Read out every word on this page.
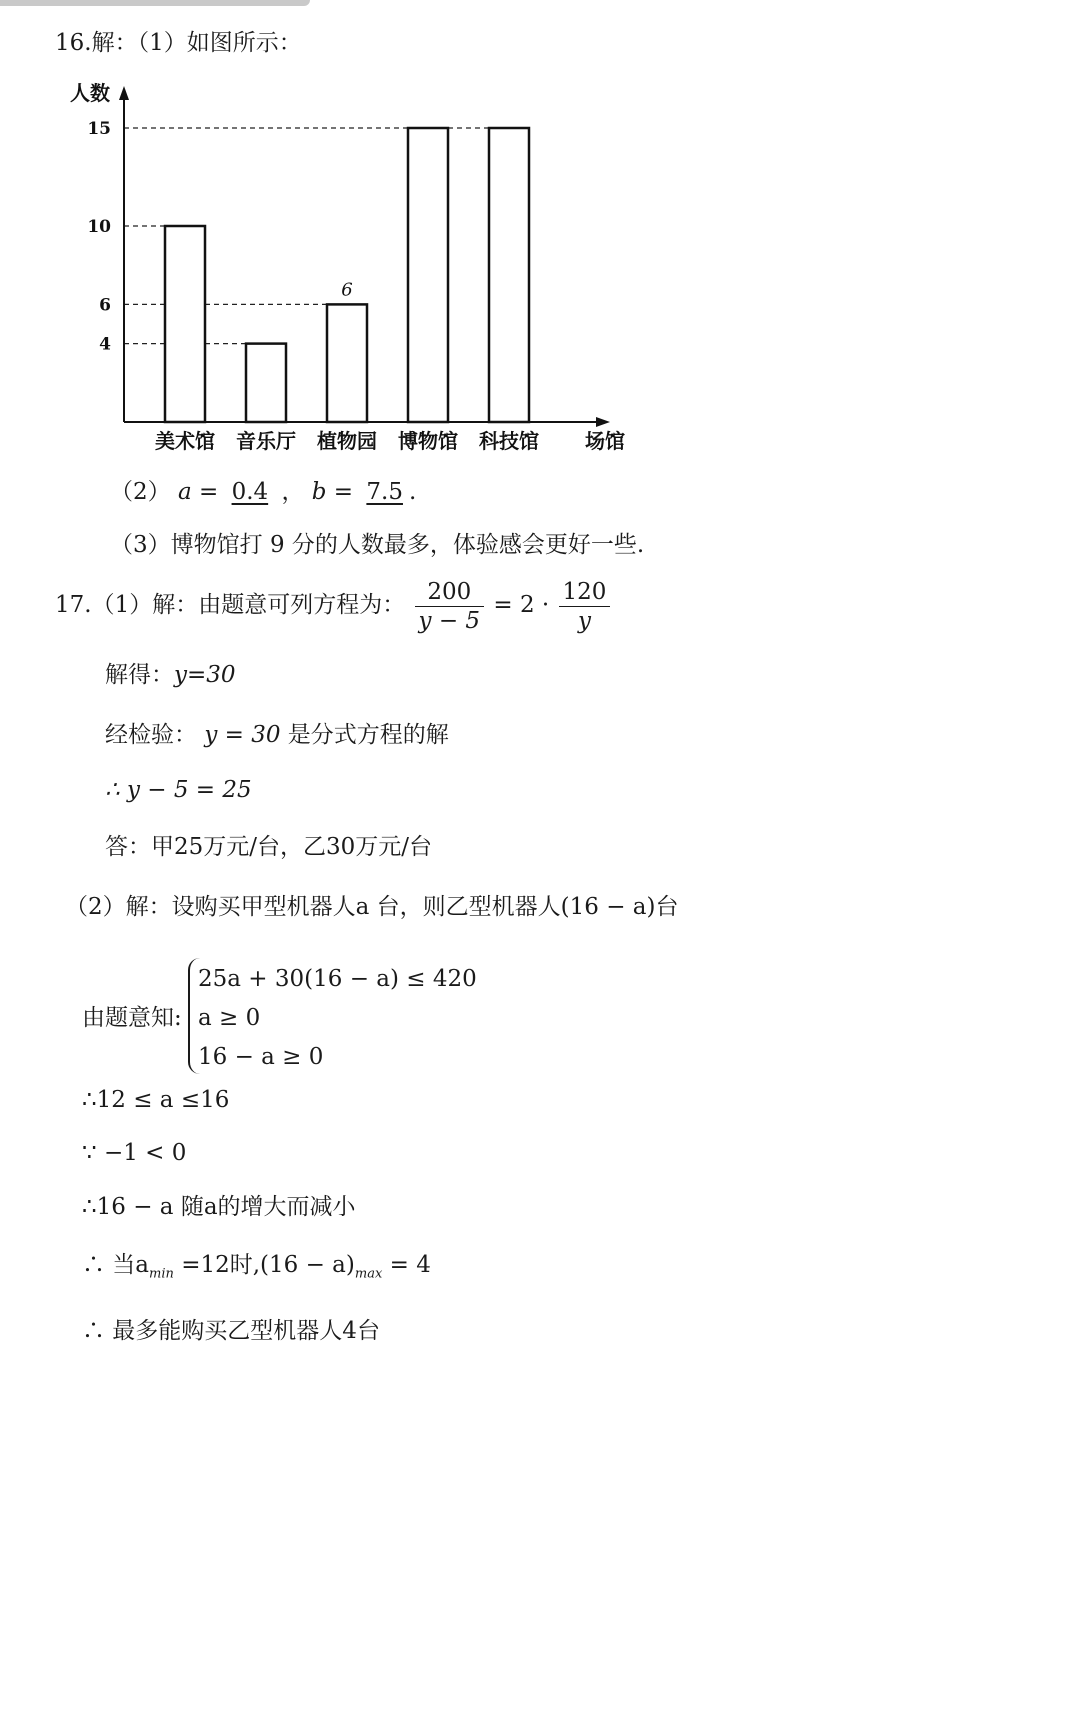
16.解：（1）如图所示：
美术馆 音乐厅 植物园 博物馆 科技馆
15
10
6
4
人数
场馆
6
（2） a = 0.4 ， b = 7.5 .
（3）博物馆打 9 分的人数最多，体验感会更好一些.
17.（1）解：由题意可列方程为： $\frac{200}{y - 5} = 2 \cdot \frac{120}{y}$
解得：y=30
经检验： y = 30 是分式方程的解
∴ y − 5 = 25
答：甲25万元/台，乙30万元/台
（2）解：设购买甲型机器人a 台，则乙型机器人(16 − a)台
由题意知:
25a + 30(16 − a) ≤ 420
a ≥ 0
16 − a ≥ 0
∴12 ≤ a ≤16
∵ −1 < 0
∴16 − a 随a的增大而减小
∴ 当$a_{min} =12$时$,(16 - a)_{max} = 4$
∴ 最多能购买乙型机器人4台
